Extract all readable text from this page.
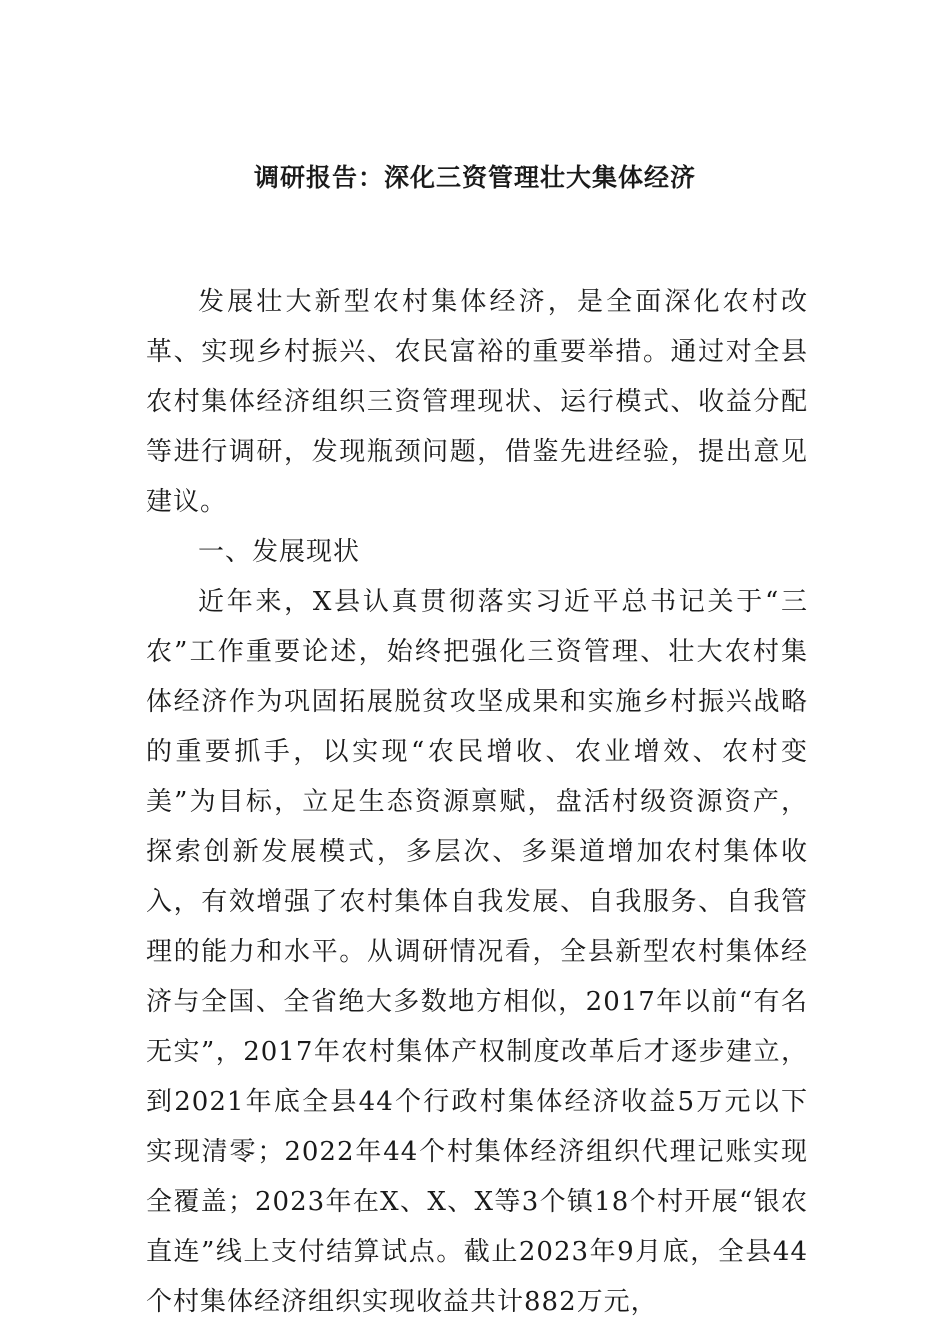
调研报告：深化三资管理壮大集体经济

发展壮大新型农村集体经济，是全面深化农村改革、实现乡村振兴、农民富裕的重要举措。通过对全县农村集体经济组织三资管理现状、运行模式、收益分配等进行调研，发现瓶颈问题，借鉴先进经验，提出意见建议。

一、发展现状

近年来，X县认真贯彻落实习近平总书记关于“三农”工作重要论述，始终把强化三资管理、壮大农村集体经济作为巩固拓展脱贫攻坚成果和实施乡村振兴战略的重要抓手，以实现“农民增收、农业增效、农村变美”为目标，立足生态资源禀赋，盘活村级资源资产，探索创新发展模式，多层次、多渠道增加农村集体收入，有效增强了农村集体自我发展、自我服务、自我管理的能力和水平。从调研情况看，全县新型农村集体经济与全国、全省绝大多数地方相似，2017年以前“有名无实”，2017年农村集体产权制度改革后才逐步建立，到2021年底全县44个行政村集体经济收益5万元以下实现清零；2022年44个村集体经济组织代理记账实现全覆盖；2023年在X、X、X等3个镇18个村开展“银农直连”线上支付结算试点。截止2023年9月底，全县44个村集体经济组织实现收益共计882万元，
